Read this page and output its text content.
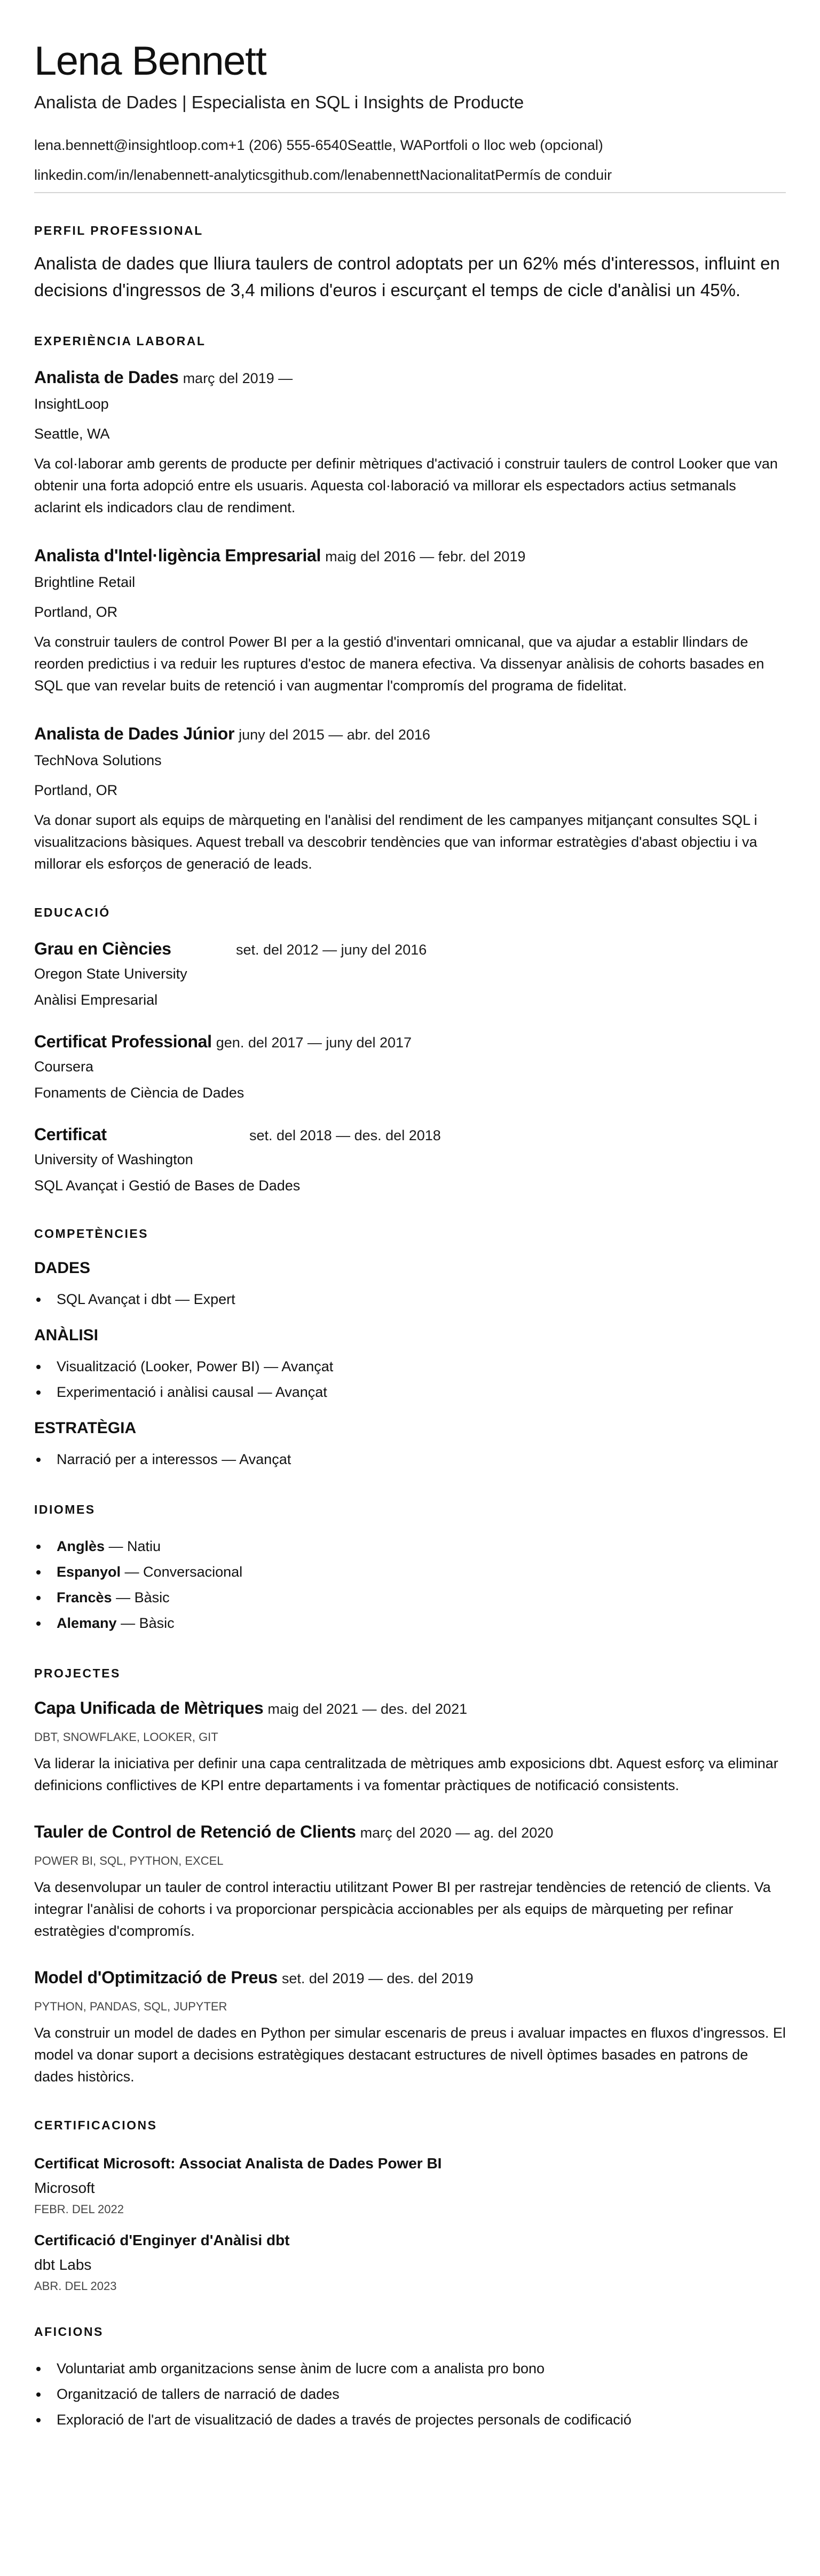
Lena Bennett
Analista de Dades | Especialista en SQL i Insights de Producte
lena.bennett@insightloop.com+1 (206) 555-6540Seattle, WAPortfoli o lloc web (opcional)
linkedin.com/in/lenabennett-analyticsgithub.com/lenabennettNacionalitatPermís de conduir
PERFIL PROFESSIONAL
Analista de dades que lliura taulers de control adoptats per un 62% més d'interessos, influint en decisions d'ingressos de 3,4 milions d'euros i escurçant el temps de cicle d'anàlisi un 45%.
EXPERIÈNCIA LABORAL
Analista de Dades març del 2019 —
InsightLoop
Seattle, WA
Va col·laborar amb gerents de producte per definir mètriques d'activació i construir taulers de control Looker que van obtenir una forta adopció entre els usuaris. Aquesta col·laboració va millorar els espectadors actius setmanals aclarint els indicadors clau de rendiment.
Analista d'Intel·ligència Empresarial maig del 2016 — febr. del 2019
Brightline Retail
Portland, OR
Va construir taulers de control Power BI per a la gestió d'inventari omnicanal, que va ajudar a establir llindars de reorden predictius i va reduir les ruptures d'estoc de manera efectiva. Va dissenyar anàlisis de cohorts basades en SQL que van revelar buits de retenció i van augmentar l'compromís del programa de fidelitat.
Analista de Dades Júnior juny del 2015 — abr. del 2016
TechNova Solutions
Portland, OR
Va donar suport als equips de màrqueting en l'anàlisi del rendiment de les campanyes mitjançant consultes SQL i visualitzacions bàsiques. Aquest treball va descobrir tendències que van informar estratègies d'abast objectiu i va millorar els esforços de generació de leads.
EDUCACIÓ
Grau en Ciències	set. del 2012 — juny del 2016
Oregon State University
Anàlisi Empresarial
Certificat Professional gen. del 2017 — juny del 2017
Coursera
Fonaments de Ciència de Dades
Certificat	set. del 2018 — des. del 2018
University of Washington
SQL Avançat i Gestió de Bases de Dades
COMPETÈNCIES
DADES
SQL Avançat i dbt — Expert
ANÀLISI
Visualització (Looker, Power BI) — Avançat
Experimentació i anàlisi causal — Avançat
ESTRATÈGIA
Narració per a interessos — Avançat
IDIOMES
Anglès — Natiu
Espanyol — Conversacional
Francès — Bàsic
Alemany — Bàsic
PROJECTES
Capa Unificada de Mètriques maig del 2021 — des. del 2021
DBT, SNOWFLAKE, LOOKER, GIT
Va liderar la iniciativa per definir una capa centralitzada de mètriques amb exposicions dbt. Aquest esforç va eliminar definicions conflictives de KPI entre departaments i va fomentar pràctiques de notificació consistents.
Tauler de Control de Retenció de Clients març del 2020 — ag. del 2020
POWER BI, SQL, PYTHON, EXCEL
Va desenvolupar un tauler de control interactiu utilitzant Power BI per rastrejar tendències de retenció de clients. Va integrar l'anàlisi de cohorts i va proporcionar perspicàcia accionables per als equips de màrqueting per refinar estratègies d'compromís.
Model d'Optimització de Preus set. del 2019 — des. del 2019
PYTHON, PANDAS, SQL, JUPYTER
Va construir un model de dades en Python per simular escenaris de preus i avaluar impactes en fluxos d'ingressos. El model va donar suport a decisions estratègiques destacant estructures de nivell òptimes basades en patrons de dades històrics.
CERTIFICACIONS
Certificat Microsoft: Associat Analista de Dades Power BI
Microsoft
FEBR. DEL 2022
Certificació d'Enginyer d'Anàlisi dbt
dbt Labs
ABR. DEL 2023
AFICIONS
Voluntariat amb organitzacions sense ànim de lucre com a analista pro bono
Organització de tallers de narració de dades
Exploració de l'art de visualització de dades a través de projectes personals de codificació
